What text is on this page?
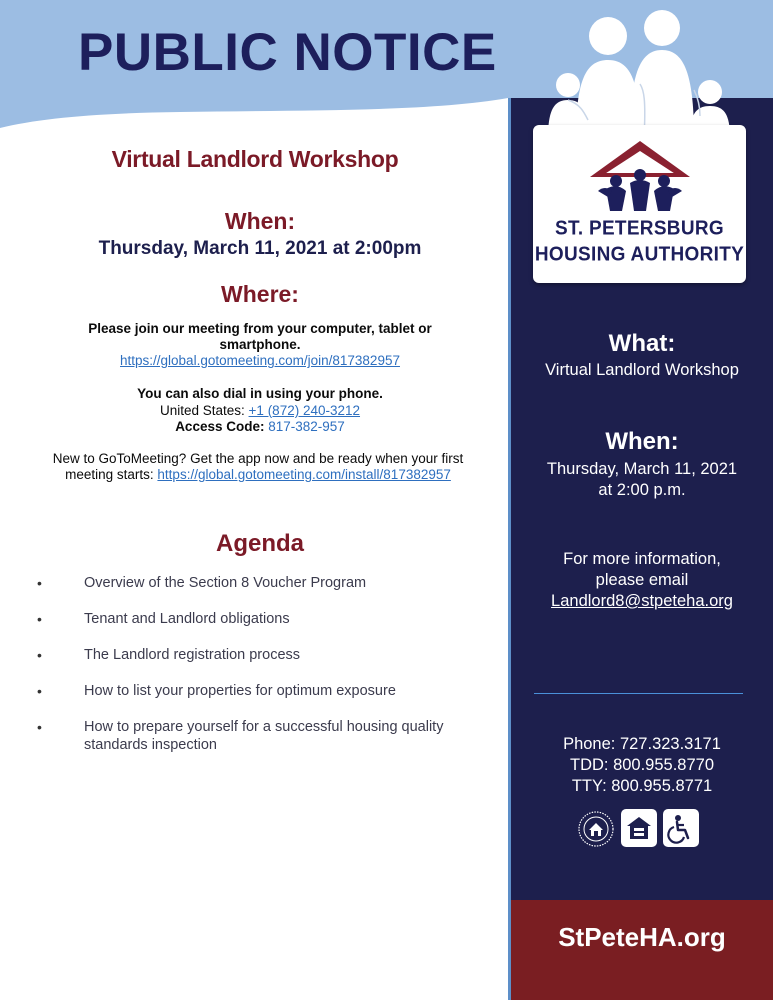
PUBLIC NOTICE
ST. PETERSBURG
HOUSING AUTHORITY
Virtual Landlord Workshop
When:
Thursday, March 11, 2021 at 2:00pm
Where:
Please join our meeting from your computer, tablet or smartphone.
https://global.gotomeeting.com/join/817382957
You can also dial in using your phone.
United States: +1 (872) 240-3212
Access Code: 817-382-957
New to GoToMeeting? Get the app now and be ready when your first meeting starts: https://global.gotomeeting.com/install/817382957
Agenda
•	Overview of the Section 8 Voucher Program
•	Tenant and Landlord obligations
•	The Landlord registration process
•	How to list your properties for optimum exposure
•	How to prepare yourself for a successful housing quality standards inspection
What:
Virtual Landlord Workshop
When:
Thursday, March 11, 2021
at 2:00 p.m.
For more information,
please email
Landlord8@stpeteha.org
Phone: 727.323.3171
TDD: 800.955.8770
TTY: 800.955.8771
StPeteHA.org
